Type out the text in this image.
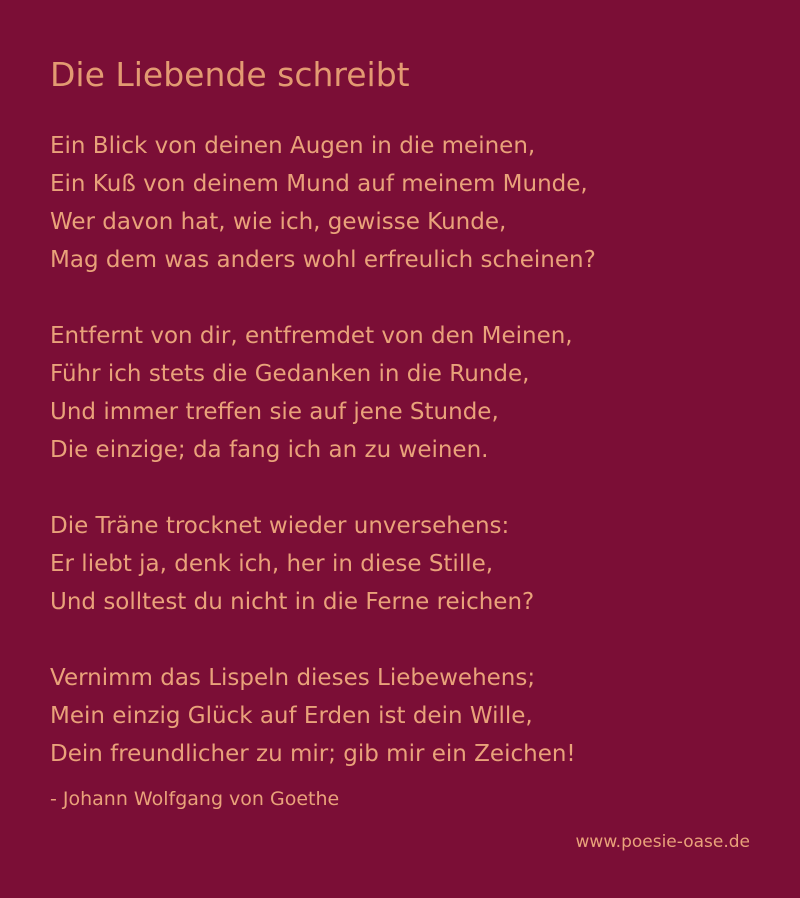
Die Liebende schreibt
Ein Blick von deinen Augen in die meinen,
Ein Kuß von deinem Mund auf meinem Munde,
Wer davon hat, wie ich, gewisse Kunde,
Mag dem was anders wohl erfreulich scheinen?
Entfernt von dir, entfremdet von den Meinen,
Führ ich stets die Gedanken in die Runde,
Und immer treffen sie auf jene Stunde,
Die einzige; da fang ich an zu weinen.
Die Träne trocknet wieder unversehens:
Er liebt ja, denk ich, her in diese Stille,
Und solltest du nicht in die Ferne reichen?
Vernimm das Lispeln dieses Liebewehens;
Mein einzig Glück auf Erden ist dein Wille,
Dein freundlicher zu mir; gib mir ein Zeichen!
- Johann Wolfgang von Goethe
www.poesie-oase.de
